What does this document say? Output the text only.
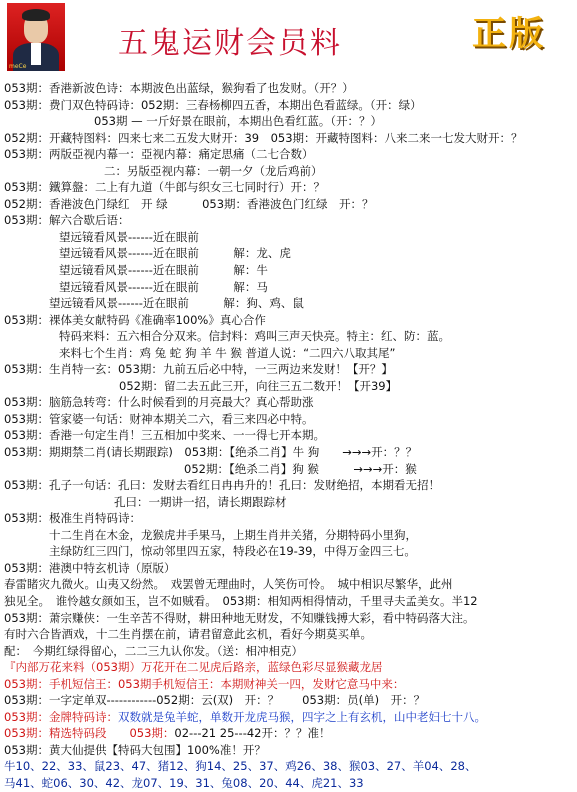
meCe
五鬼运财会员料	正版
053期：香港新波色诗：本期波色出蓝绿，猴狗看了也发财。（开？）
053期：费门双色特码诗：052期：三春杨柳四五香，本期出色看蓝绿。（开：绿）
053期 — 一斤好景在眼前，本期出色看红蓝。（开：？）
052期：开藏特图料：四来七来二五发大财开：39　053期：开藏特图料：八来二来一七发大财开：？
053期：两版亞视内幕一：亞视内幕：痛定思痛（二七合数）
二：另版亞视内幕：一朝一夕（龙后鸡前）
053期：鐵算盤：二上有九道（牛郎与织女三七同时行）开：？
052期：香港波色门绿红　开 绿　　　053期：香港波色门红绿　开：？
053期：解六合歇后语：
望远镜看风景------近在眼前
望远镜看风景------近在眼前　　　解：龙、虎
望远镜看风景------近在眼前　　　解：牛
望远镜看风景------近在眼前　　　解：马
望远镜看风景------近在眼前　　　解：狗、鸡、鼠
053期：裸体美女献特码《准确率100%》真心合作
特码来料：五六相合分双来。信封料：鸡叫三声天快亮。特主：红、防：蓝。
来料七个生肖：鸡 兔 蛇 狗 羊 牛 猴 普道人说：“二四六八取其尾”
053期：生肖特一玄：053期：九前五后必中特，一三两边来发财！【开？】
052期：留二去五此三开，向往三五二数开！【开39】
053期：脑筋急转弯：什么时候看到的月亮最大？真心帮助涨
053期：管家婆一句话：财神本期关二六，看三来四必中特。
053期：香港一句定生肖！三五相加中奖来、一一得七开本期。
053期：期期禁二肖(请长期跟踪)　053期：【绝杀二肖】牛 狗　　→→→开：？？
052期：【绝杀二肖】狗 猴　　　→→→开：猴
053期：孔子一句话：孔曰：发财去看红日冉冉升的！孔曰：发财绝招，本期看无招！
孔曰：一期讲一招，请长期跟踪材
053期：极准生肖特码诗：
十二生肖在木金，龙猴虎井手果马，上期生肖井关猪，分期特码小里狗，
主绿防红三四门，惊动邻里四五家，特段必在19-39，中得万金四三七。
053期：港澳中特玄机诗（原版）
春雷睹灾九微火。山夷又纷然。　戏罢曾无理曲时，人笑伤可怜。　城中相识尽繁华，此州
独见全。　谁怜越女颜如玉，岂不如贼看。　053期：相知两相得情动，千里寻夫孟美女。半12
053期：萧宗赚侠：一生辛苦不得财，耕田种地无财发，不知赚钱搏大彩，看中特码落大注。
有时六合皆酒戏，十二生肖摆在前，请君留意此玄机，看好今期莫买单。
配：　今期红绿得留心，二二三九认你发。（送：相冲相克）
『内部万花来料（053期）万花开在二见虎后路亲，蓝绿色彩尽显猴藏龙居
053期：手机短信王：053期手机短信王：本期财神关一四，发财它意马中来：
053期：一字定单双------------052期：云(双)　开：？　　053期：员(单)　开：？
053期：金牌特码诗：双数就是兔羊蛇，单数开龙虎马猴，四字之上有玄机，山中老妇七十八。
053期：精选特码段　　053期：02---21 25---42开：？？准！
053期：黄大仙提供【特码大包围】100%准！开？
牛10、22、33、鼠23、47、猪12、狗14、25、37、鸡26、38、猴03、27、羊04、28、
马41、蛇06、30、42、龙07、19、31、兔08、20、44、虎21、33
